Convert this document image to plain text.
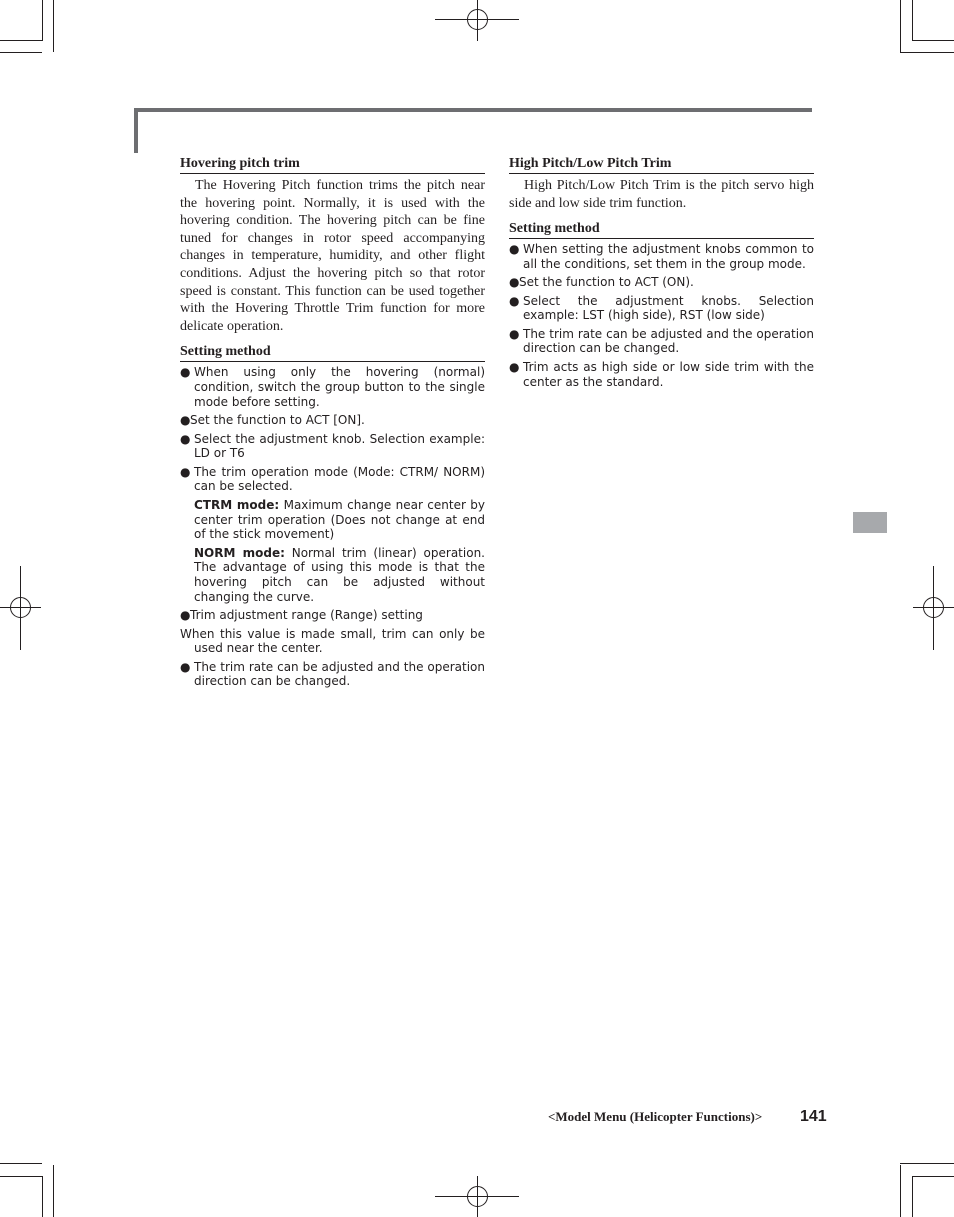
Hovering pitch trim

The Hovering Pitch function trims the pitch near the hovering point. Normally, it is used with the hovering condition. The hovering pitch can be fine tuned for changes in rotor speed accompanying changes in temperature, humidity, and other flight conditions. Adjust the hovering pitch so that rotor speed is constant. This function can be used together with the Hovering Throttle Trim function for more delicate operation.

Setting method
● When using only the hovering (normal) condition, switch the group button to the single mode before setting.
● Set the function to ACT [ON].
● Select the adjustment knob. Selection example: LD or T6
● The trim operation mode (Mode: CTRM/ NORM) can be selected.
CTRM mode: Maximum change near center by center trim operation (Does not change at end of the stick movement)
NORM mode: Normal trim (linear) operation. The advantage of using this mode is that the hovering pitch can be adjusted without changing the curve.
● Trim adjustment range (Range) setting
When this value is made small, trim can only be used near the center.
● The trim rate can be adjusted and the operation direction can be changed.
High Pitch/Low Pitch Trim

High Pitch/Low Pitch Trim is the pitch servo high side and low side trim function.

Setting method
● When setting the adjustment knobs common to all the conditions, set them in the group mode.
● Set the function to ACT (ON).
● Select the adjustment knobs. Selection example: LST (high side), RST (low side)
● The trim rate can be adjusted and the operation direction can be changed.
● Trim acts as high side or low side trim with the center as the standard.
<Model Menu (Helicopter Functions)> 141
